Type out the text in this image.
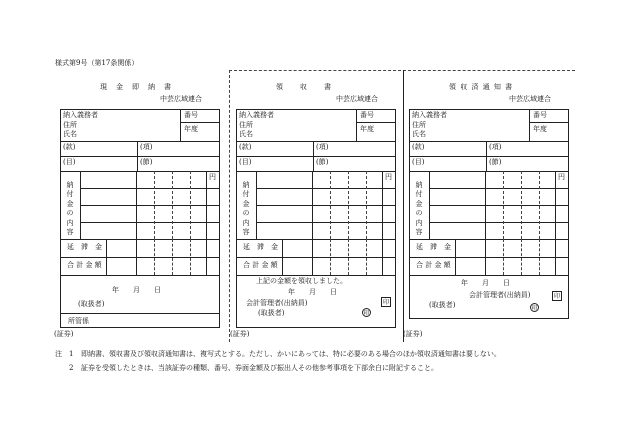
様式第9号（第17条関係）
現　金　即　納　書
中芸広域連合
納入義務者	番号
住所
氏名
年度
(款)	(項)
(目)	(節)
円
納
付
金
の
内
容
延　滞　金
合 計 金 額
年　　月　　日
(取扱者)
所管係
(証券)
領　　収　　書
中芸広域連合
納入義務者	番号
住所
氏名
年度
(款)	(項)
(目)	(節)
円
納
付
金
の
内
容
延　滞　金
合 計 金 額
上記の金額を領収しました。
年　　月　　日
会計管理者(出納員)
(取扱者)
印
印
(証券)
領 収 済 通 知 書
中芸広域連合
納入義務者	番号
住所
氏名
年度
(款)	(項)
(目)	(節)
円
納
付
金
の
内
容
延　滞　金
合 計 金 額
年　　月　　日
会計管理者(出納員)
(取扱者)
印
印
(証券)
注 1 即納書、領収書及び領収済通知書は、複写式とする。ただし、かいにあっては、特に必要のある場合のほか領収済通知書は要しない。
2 証券を受領したときは、当該証券の種類、番号、券面金額及び振出人その他参考事項を下部余白に附記すること。
